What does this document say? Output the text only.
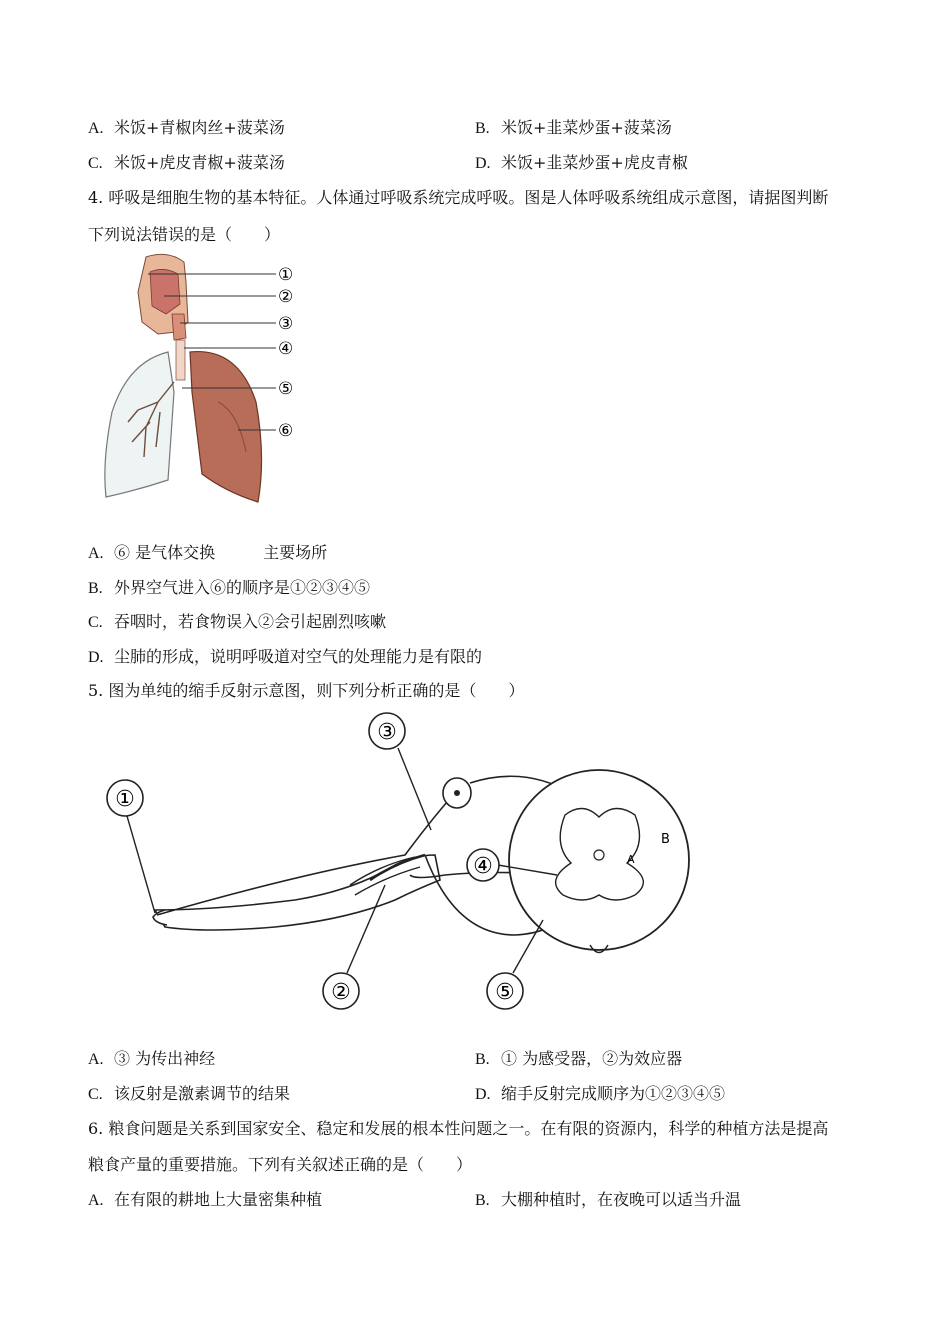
A. 米饭+青椒肉丝+菠菜汤	B. 米饭+韭菜炒蛋+菠菜汤
C. 米饭+虎皮青椒+菠菜汤	D. 米饭+韭菜炒蛋+虎皮青椒
4. 呼吸是细胞生物的基本特征。人体通过呼吸系统完成呼吸。图是人体呼吸系统组成示意图，请据图判断
下列说法错误的是（　　）
①
②
③
④
⑤
⑥
A. ⑥ 是气体交换　　　主要场所
B. 外界空气进入⑥的顺序是①②③④⑤
C. 吞咽时，若食物误入②会引起剧烈咳嗽
D. 尘肺的形成，说明呼吸道对空气的处理能力是有限的
5. 图为单纯的缩手反射示意图，则下列分析正确的是（　　）
①
③
④
②	⑤
A
B
A. ③ 为传出神经	B. ① 为感受器，②为效应器
C. 该反射是激素调节的结果	D. 缩手反射完成顺序为①②③④⑤
6. 粮食问题是关系到国家安全、稳定和发展的根本性问题之一。在有限的资源内，科学的种植方法是提高
粮食产量的重要措施。下列有关叙述正确的是（　　）
A. 在有限的耕地上大量密集种植	B. 大棚种植时，在夜晚可以适当升温
